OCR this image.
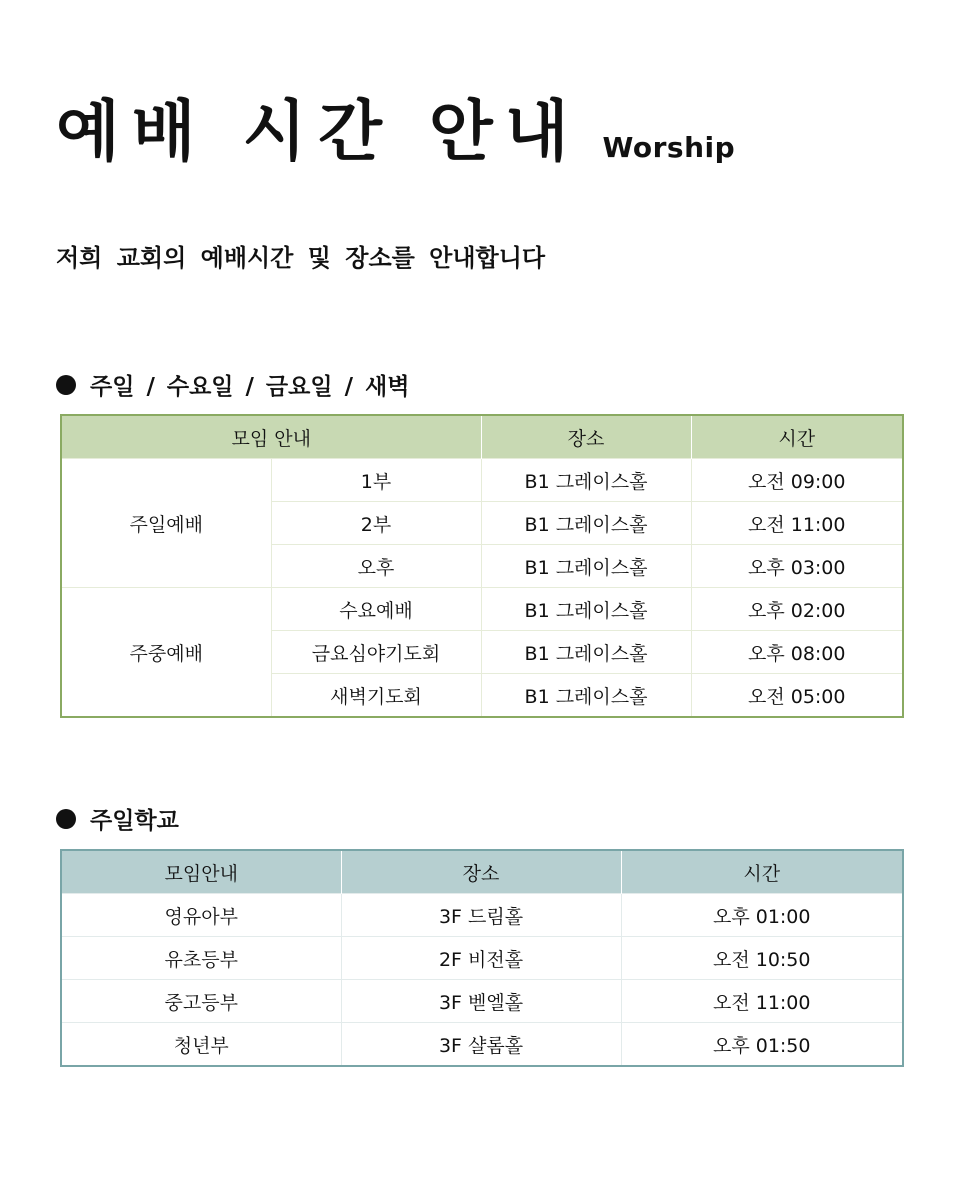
예배 시간 안내 Worship
저희 교회의 예배시간 및 장소를 안내합니다
주일 / 수요일 / 금요일 / 새벽
모임 안내		장소	시간
주일예배	1부	B1 그레이스홀	오전 09:00
	2부	B1 그레이스홀	오전 11:00
	오후	B1 그레이스홀	오후 03:00
주중예배	수요예배	B1 그레이스홀	오후 02:00
	금요심야기도회	B1 그레이스홀	오후 08:00
	새벽기도회	B1 그레이스홀	오전 05:00
주일학교
모임안내	장소	시간
영유아부	3F 드림홀	오후 01:00
유초등부	2F 비전홀	오전 10:50
중고등부	3F 벧엘홀	오전 11:00
청년부	3F 샬롬홀	오후 01:50
